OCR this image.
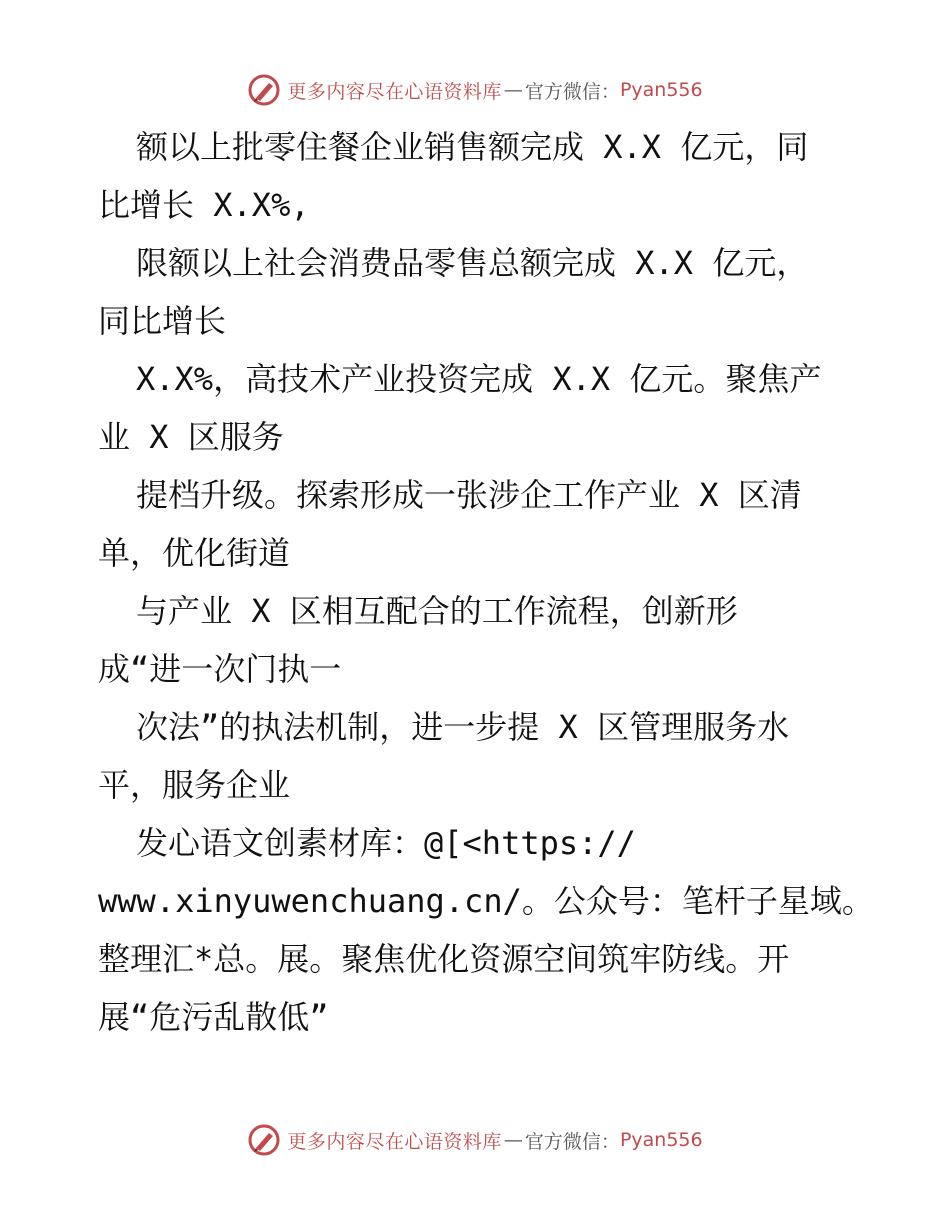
更多内容尽在心语资料库 — 官方微信： Pyan556
额以上批零住餐企业销售额完成 X.X 亿元，同
比增长 X.X%,
限额以上社会消费品零售总额完成 X.X 亿元，
同比增长
X.X%，高技术产业投资完成 X.X 亿元。聚焦产
业 X 区服务
提档升级。探索形成一张涉企工作产业 X 区清
单，优化街道
与产业 X 区相互配合的工作流程，创新形
成“进一次门执一
次法”的执法机制，进一步提 X 区管理服务水
平，服务企业
发心语文创素材库：@[<https://
www.xinyuwenchuang.cn/。公众号：笔杆子星域。
整理汇*总。展。聚焦优化资源空间筑牢防线。开
展“危污乱散低”
更多内容尽在心语资料库 — 官方微信： Pyan556
